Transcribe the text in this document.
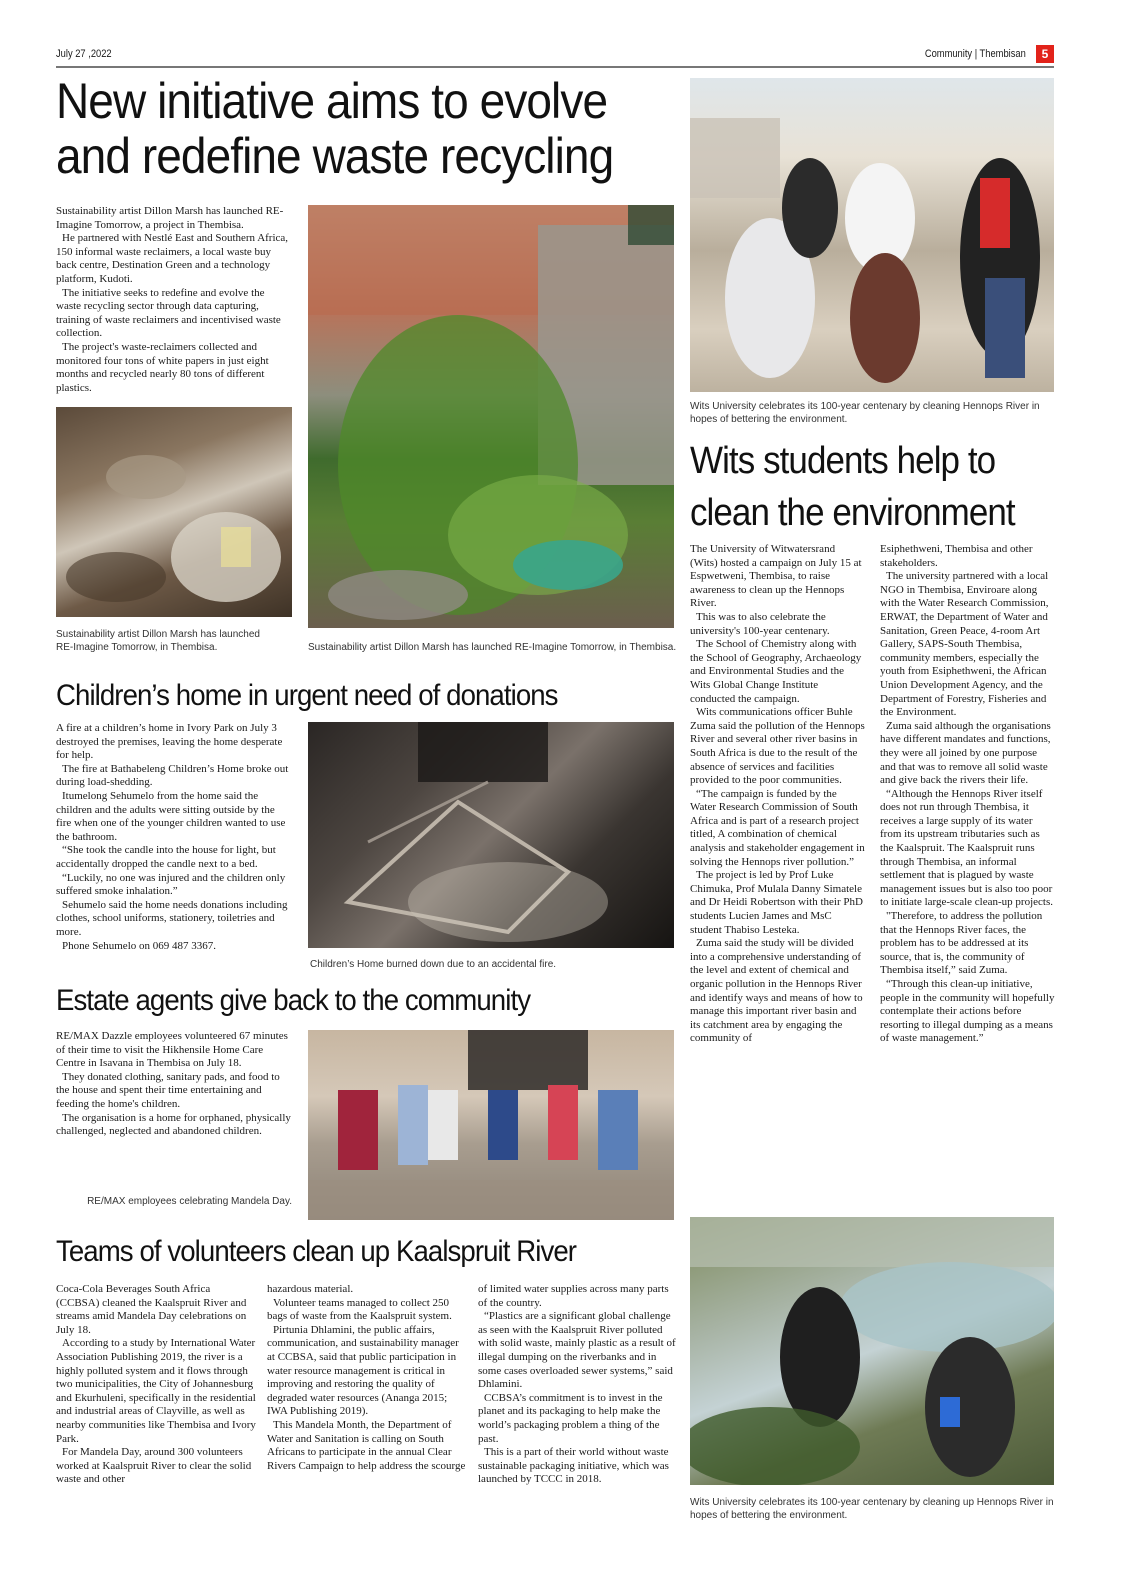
July 27 ,2022	Community | Thembisan	5
New initiative aims to evolve
and redefine waste recycling

Sustainability artist Dillon Marsh has launched RE-Imagine Tomorrow, a project in Thembisa.

He partnered with Nestlé East and Southern Africa, 150 informal waste reclaimers, a local waste buy back centre, Destination Green and a technology platform, Kudoti.

The initiative seeks to redefine and evolve the waste recycling sector through data capturing, training of waste reclaimers and incentivised waste collection.

The project's waste-reclaimers collected and monitored four tons of white papers in just eight months and recycled nearly 80 tons of different plastics.

Sustainability artist Dillon Marsh has launched RE-Imagine Tomorrow, in Thembisa.	Sustainability artist Dillon Marsh has launched RE-Imagine Tomorrow, in Thembisa.
Wits University celebrates its 100-year centenary by cleaning Hennops River in hopes of bettering the environment.
Wits students help to
clean the environment

The University of Witwatersrand (Wits) hosted a campaign on July 15 at Espwetweni, Thembisa, to raise awareness to clean up the Hennops River.

This was to also celebrate the university's 100-year centenary.

The School of Chemistry along with the School of Geography, Archaeology and Environmental Studies and the Wits Global Change Institute conducted the campaign.

Wits communications officer Buhle Zuma said the pollution of the Hennops River and several other river basins in South Africa is due to the result of the absence of services and facilities provided to the poor communities.

“The campaign is funded by the Water Research Commission of South Africa and is part of a research project titled, A combination of chemical analysis and stakeholder engagement in solving the Hennops river pollution.”

The project is led by Prof Luke Chimuka, Prof Mulala Danny Simatele and Dr Heidi Robertson with their PhD students Lucien James and MsC student Thabiso Lesteka.

Zuma said the study will be divided into a comprehensive understanding of the level and extent of chemical and organic pollution in the Hennops River and identify ways and means of how to manage this important river basin and its catchment area by engaging the community of

Esiphethweni, Thembisa and other stakeholders.

The university partnered with a local NGO in Thembisa, Enviroare along with the Water Research Commission, ERWAT, the Department of Water and Sanitation, Green Peace, 4-room Art Gallery, SAPS-South Thembisa, community members, especially the youth from Esiphethweni, the African Union Development Agency, and the Department of Forestry, Fisheries and the Environment.

Zuma said although the organisations have different mandates and functions, they were all joined by one purpose and that was to remove all solid waste and give back the rivers their life.

“Although the Hennops River itself does not run through Thembisa, it receives a large supply of its water from its upstream tributaries such as the Kaalspruit. The Kaalspruit runs through Thembisa, an informal settlement that is plagued by waste management issues but is also too poor to initiate large-scale clean-up projects.

"Therefore, to address the pollution that the Hennops River faces, the problem has to be addressed at its source, that is, the community of Thembisa itself,” said Zuma.

“Through this clean-up initiative, people in the community will hopefully contemplate their actions before resorting to illegal dumping as a means of waste management.”

Wits University celebrates its 100-year centenary by cleaning up Hennops River in hopes of bettering the environment.
Children’s home in urgent need of donations

A fire at a children’s home in Ivory Park on July 3 destroyed the premises, leaving the home desperate for help.

The fire at Bathabeleng Children’s Home broke out during load-shedding.

Itumelong Sehumelo from the home said the children and the adults were sitting outside by the fire when one of the younger children wanted to use the bathroom.

“She took the candle into the house for light, but accidentally dropped the candle next to a bed.

“Luckily, no one was injured and the children only suffered smoke inhalation.”

Sehumelo said the home needs donations including clothes, school uniforms, stationery, toiletries and more.

Phone Sehumelo on 069 487 3367.

Children’s Home burned down due to an accidental fire.
Estate agents give back to the community

RE/MAX Dazzle employees volunteered 67 minutes of their time to visit the Hikhensile Home Care Centre in Isavana in Thembisa on July 18.

They donated clothing, sanitary pads, and food to the house and spent their time entertaining and feeding the home's children.

The organisation is a home for orphaned, physically challenged, neglected and abandoned children.

RE/MAX employees celebrating Mandela Day.
Teams of volunteers clean up Kaalspruit River

Coca-Cola Beverages South Africa (CCBSA) cleaned the Kaalspruit River and streams amid Mandela Day celebrations on July 18.

According to a study by International Water Association Publishing 2019, the river is a highly polluted system and it flows through two municipalities, the City of Johannesburg and Ekurhuleni, specifically in the residential and industrial areas of Clayville, as well as nearby communities like Thembisa and Ivory Park.

For Mandela Day, around 300 volunteers worked at Kaalspruit River to clear the solid waste and other

hazardous material.

Volunteer teams managed to collect 250 bags of waste from the Kaalspruit system.

Pirtunia Dhlamini, the public affairs, communication, and sustainability manager at CCBSA, said that public participation in water resource management is critical in improving and restoring the quality of degraded water resources (Ananga 2015; IWA Publishing 2019).

This Mandela Month, the Department of Water and Sanitation is calling on South Africans to participate in the annual Clear Rivers Campaign to help address the scourge

of limited water supplies across many parts of the country.

“Plastics are a significant global challenge as seen with the Kaalspruit River polluted with solid waste, mainly plastic as a result of illegal dumping on the riverbanks and in some cases overloaded sewer systems,” said Dhlamini.

CCBSA’s commitment is to invest in the planet and its packaging to help make the world’s packaging problem a thing of the past.

This is a part of their world without waste sustainable packaging initiative, which was launched by TCCC in 2018.
